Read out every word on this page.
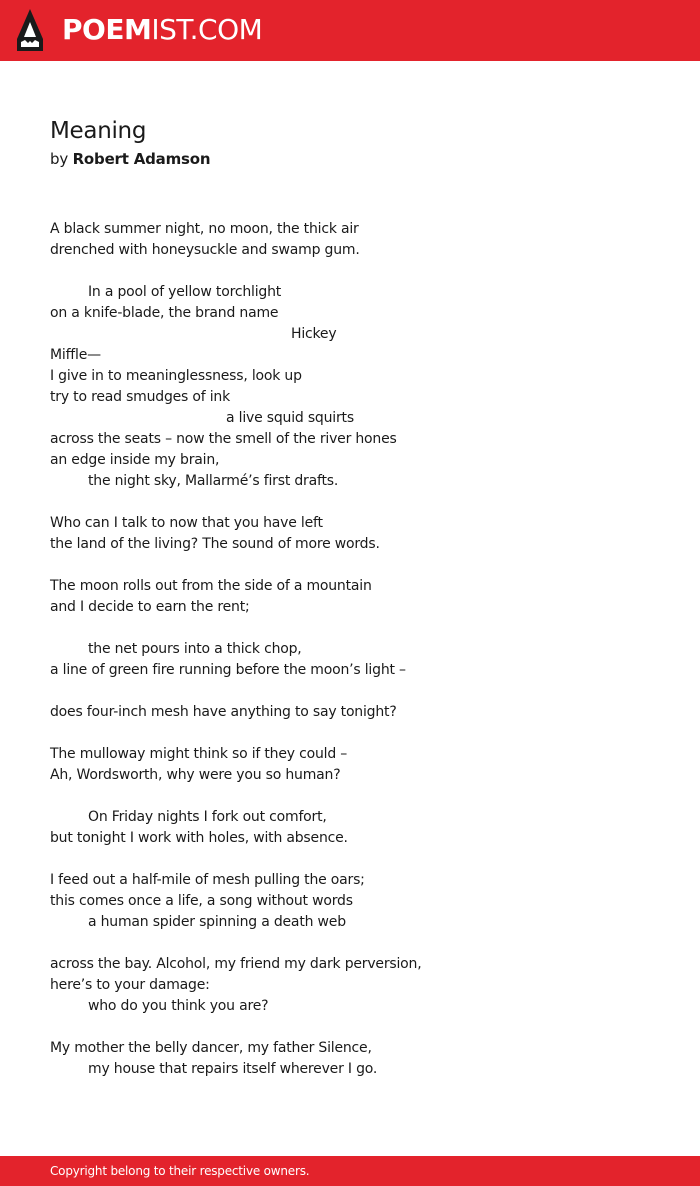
POEMIST.COM
Meaning
by Robert Adamson
A black summer night, no moon, the thick air
drenched with honeysuckle and swamp gum.
In a pool of yellow torchlight
on a knife-blade, the brand name
Hickey
Miffle—
I give in to meaninglessness, look up
try to read smudges of ink
a live squid squirts
across the seats – now the smell of the river hones
an edge inside my brain,
the night sky, Mallarmé’s first drafts.
Who can I talk to now that you have left
the land of the living? The sound of more words.
The moon rolls out from the side of a mountain
and I decide to earn the rent;
the net pours into a thick chop,
a line of green fire running before the moon’s light –
does four-inch mesh have anything to say tonight?
The mulloway might think so if they could –
Ah, Wordsworth, why were you so human?
On Friday nights I fork out comfort,
but tonight I work with holes, with absence.
I feed out a half-mile of mesh pulling the oars;
this comes once a life, a song without words
a human spider spinning a death web
across the bay. Alcohol, my friend my dark perversion,
here’s to your damage:
who do you think you are?
My mother the belly dancer, my father Silence,
my house that repairs itself wherever I go.
Copyright belong to their respective owners.
